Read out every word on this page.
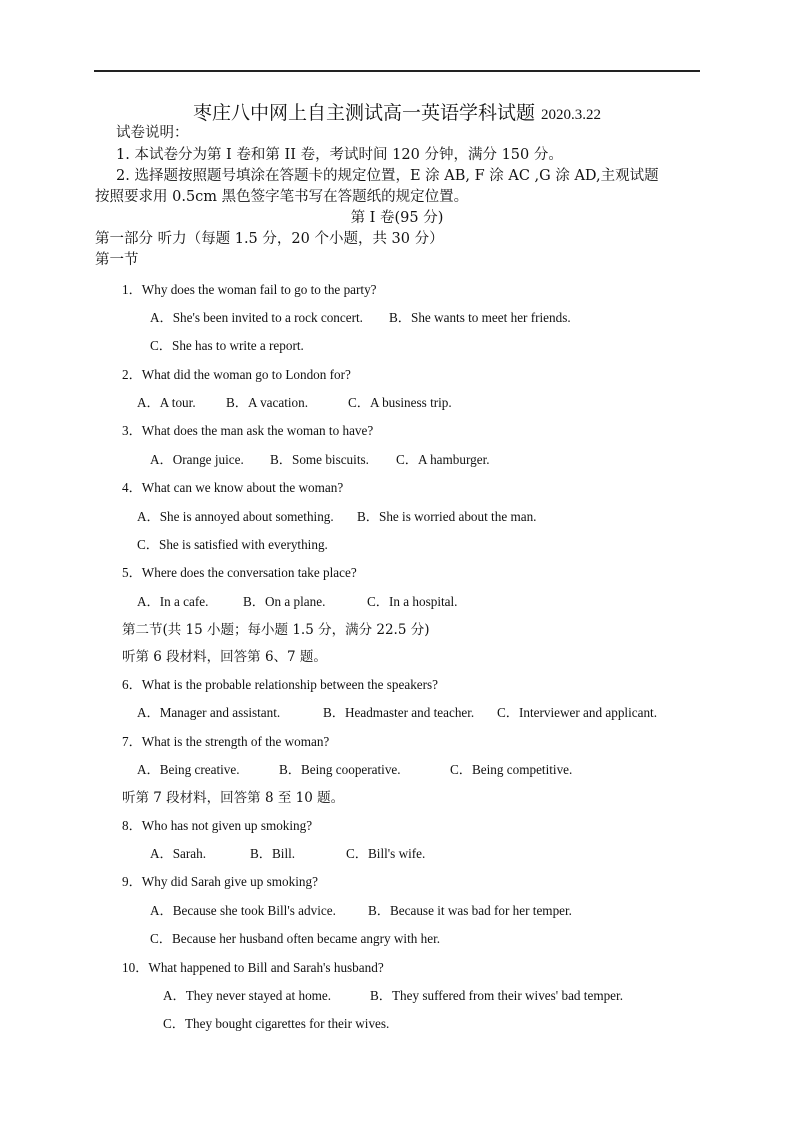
枣庄八中网上自主测试高一英语学科试题 2020.3.22
试卷说明：
1. 本试卷分为第 I 卷和第 II 卷，考试时间 120 分钟，满分 150 分。
2. 选择题按照题号填涂在答题卡的规定位置，E 涂 AB, F 涂 AC ,G 涂 AD,主观试题
按照要求用 0.5cm 黑色签字笔书写在答题纸的规定位置。
第 I 卷(95 分)
第一部分 听力（每题 1.5 分，20 个小题，共 30 分）
第一节
1．Why does the woman fail to go to the party?
A．She's been invited to a rock concert. B．She wants to meet her friends.
C．She has to write a report.
2．What did the woman go to London for?
A．A tour. B．A vacation.	C．A business trip.
3．What does the man ask the woman to have?
A．Orange juice. B．Some biscuits. C．A hamburger.
4．What can we know about the woman?
A．She is annoyed about something. B．She is worried about the man.
C．She is satisfied with everything.
5．Where does the conversation take place?
A．In a cafe.	B．On a plane.	C．In a hospital.
第二节(共 15 小题；每小题 1.5 分，满分 22.5 分)
听第 6 段材料，回答第 6、7 题。
6．What is the probable relationship between the speakers?
A．Manager and assistant.	B．Headmaster and teacher. C．Interviewer and applicant.
7．What is the strength of the woman?
A．Being creative.	B．Being cooperative.	C．Being competitive.
听第 7 段材料，回答第 8 至 10 题。
8．Who has not given up smoking?
A．Sarah.	B．Bill.	C．Bill's wife.
9．Why did Sarah give up smoking?
A．Because she took Bill's advice. B．Because it was bad for her temper.
C．Because her husband often became angry with her.
10．What happened to Bill and Sarah's husband?
A．They never stayed at home.	B．They suffered from their wives' bad temper.
C．They bought cigarettes for their wives.
